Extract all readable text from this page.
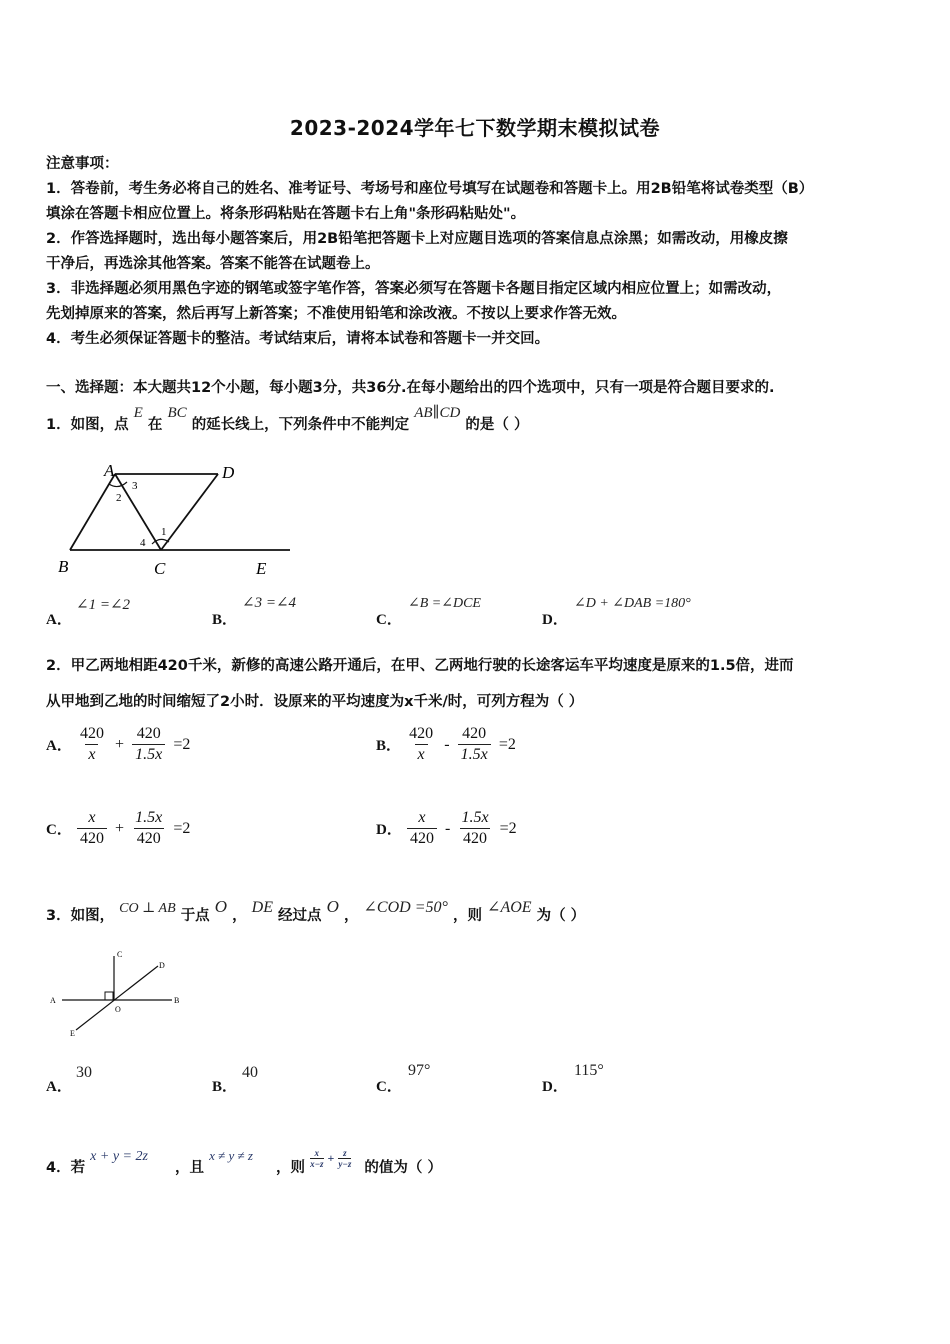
2023-2024学年七下数学期末模拟试卷
注意事项：
1．答卷前，考生务必将自己的姓名、准考证号、考场号和座位号填写在试题卷和答题卡上。用2B铅笔将试卷类型（B）
填涂在答题卡相应位置上。将条形码粘贴在答题卡右上角"条形码粘贴处"。
2．作答选择题时，选出每小题答案后，用2B铅笔把答题卡上对应题目选项的答案信息点涂黑；如需改动，用橡皮擦
干净后，再选涂其他答案。答案不能答在试题卷上。
3．非选择题必须用黑色字迹的钢笔或签字笔作答，答案必须写在答题卡各题目指定区域内相应位置上；如需改动，
先划掉原来的答案，然后再写上新答案；不准使用铅笔和涂改液。不按以上要求作答无效。
4．考生必须保证答题卡的整洁。考试结束后，请将本试卷和答题卡一并交回。
一、选择题：本大题共12个小题，每小题3分，共36分.在每小题给出的四个选项中，只有一项是符合题目要求的.
1．如图，点 E 在 BC 的延长线上，下列条件中不能判定 AB∥CD 的是（ ）
A	D
B	C	E
3
2
1
4
A．
∠1 =∠2
B．
∠3 =∠4
C．
∠B =∠DCE
D．
∠D + ∠DAB =180°
2．甲乙两地相距420千米，新修的高速公路开通后，在甲、乙两地行驶的长途客运车平均速度是原来的1.5倍，进而
从甲地到乙地的时间缩短了2小时．设原来的平均速度为x千米/时，可列方程为（ ）
A． $\frac{420}{x} + \frac{420}{1.5x} =2$	B． $\frac{420}{x} - \frac{420}{1.5x} =2$
C． $\frac{x}{420} + \frac{1.5x}{420} =2$	D． $\frac{x}{420} - \frac{1.5x}{420} =2$
3．如图， CO ⊥ AB 于点 O ， DE 经过点 O ， ∠COD =50° ，则 ∠AOE 为（ ）
A	B
C
D
E
O
A．
30
B．
40
C．
97°
D．
115°
4．若 x + y = 2z ，且 x ≠ y ≠ z ，则 $\frac{x}{x-z} + \frac{z}{y-z}$ 的值为（ ）
